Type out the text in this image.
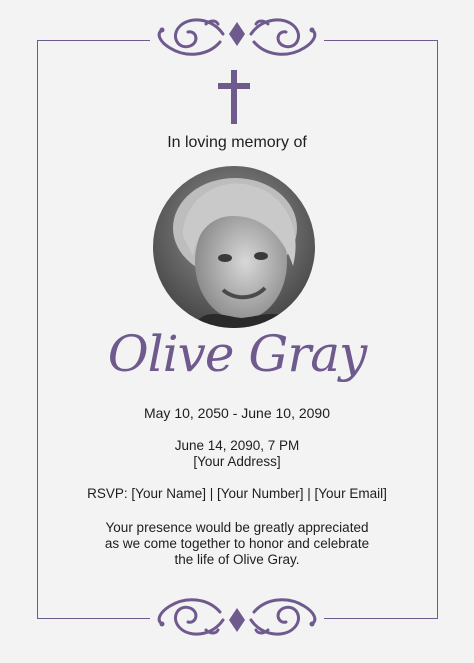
In loving memory of
Olive Gray
May 10, 2050 - June 10, 2090
June 14, 2090, 7 PM
[Your Address]
RSVP: [Your Name] | [Your Number] | [Your Email]
Your presence would be greatly appreciated
as we come together to honor and celebrate
the life of Olive Gray.
